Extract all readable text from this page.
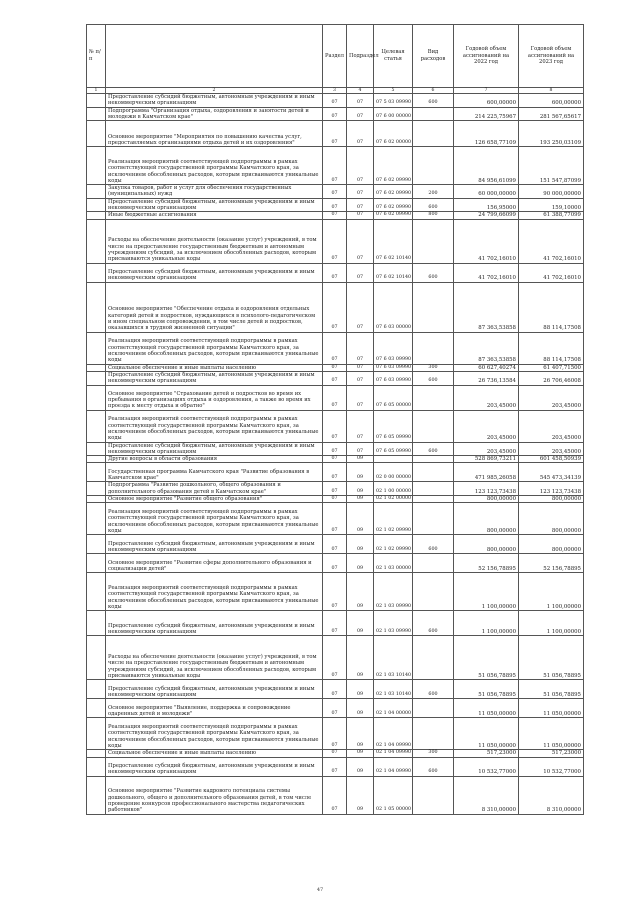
№ п/п		Раздел	Подраздел	Целевая статья	Вид расходов	Годовой объем ассигнований на 2022 год	Годовой объем ассигнований на 2023 год
1	2	3	4	5	6	7	8
	Предоставление субсидий бюджетным, автономным учреждениям и иным некоммерческим организациям	07	07	07 5 03 09990	600	600,00000	600,00000
	Подпрограмма "Организация отдыха, оздоровления и занятости детей и молодежи в Камчатском крае"	07	07	07 6 00 00000		214 225,75967	281 567,65617
	Основное мероприятие "Мероприятия по повышению качества услуг, предоставляемых организациями отдыха детей и их оздоровления"	07	07	07 6 02 00000		126 658,77109	193 250,03109
	Реализация мероприятий соответствующей подпрограммы в рамках соответствующей государственной программы Камчатского края, за исключением обособленных расходов, которым присваиваются уникальные коды	07	07	07 6 02 09990		84 956,61099	151 547,87099
	Закупка товаров, работ и услуг для обеспечения государственных (муниципальных) нужд	07	07	07 6 02 09990	200	60 000,00000	90 000,00000
	Предоставление субсидий бюджетным, автономным учреждениям и иным некоммерческим организациям	07	07	07 6 02 09990	600	156,95000	159,10000
	Иные бюджетные ассигнования	07	07	07 6 02 09990	800	24 799,66099	61 388,77099
	Расходы на обеспечение деятельности (оказание услуг) учреждений, в том числе на предоставление государственным бюджетным и автономным учреждениям субсидий, за исключением обособленных расходов, которым присваиваются уникальные коды	07	07	07 6 02 10140		41 702,16010	41 702,16010
	Предоставление субсидий бюджетным, автономным учреждениям и иным некоммерческим организациям	07	07	07 6 02 10140	600	41 702,16010	41 702,16010
	Основное мероприятие "Обеспечение отдыха и оздоровления отдельных категорий детей и подростков, нуждающихся в психолого-педагогическом и ином специальном сопровождении, в том числе детей и подростков, оказавшихся в трудной жизненной ситуации"	07	07	07 6 03 00000		87 363,53858	88 114,17508
	Реализация мероприятий соответствующей подпрограммы в рамках соответствующей государственной программы Камчатского края, за исключением обособленных расходов, которым присваиваются уникальные коды	07	07	07 6 03 09990		87 363,53858	88 114,17508
	Социальное обеспечение и иные выплаты населению	07	07	07 6 03 09990	300	60 627,40274	61 407,71500
	Предоставление субсидий бюджетным, автономным учреждениям и иным некоммерческим организациям	07	07	07 6 03 09990	600	26 736,13584	26 706,46008
	Основное мероприятие "Страхование детей и подростков во время их пребывания в организациях отдыха и оздоровления, а также во время их проезда к месту отдыха и обратно"	07	07	07 6 05 00000		203,45000	203,45000
	Реализация мероприятий соответствующей подпрограммы в рамках соответствующей государственной программы Камчатского края, за исключением обособленных расходов, которым присваиваются уникальные коды	07	07	07 6 05 09990		203,45000	203,45000
	Предоставление субсидий бюджетным, автономным учреждениям и иным некоммерческим организациям	07	07	07 6 05 09990	600	203,45000	203,45000
	Другие вопросы в области образования	07	09			528 869,73211	601 458,50939
	Государственная программа Камчатского края "Развитие образования в Камчатском крае"	07	09	02 0 00 00000		471 985,26058	545 473,34139
	Подпрограмма "Развитие дошкольного, общего образования и дополнительного образования детей в Камчатском крае"	07	09	02 1 00 00000		123 123,73438	123 123,73438
	Основное мероприятие "Развитие общего образования"	07	09	02 1 02 00000		800,00000	800,00000
	Реализация мероприятий соответствующей подпрограммы в рамках соответствующей государственной программы Камчатского края, за исключением обособленных расходов, которым присваиваются уникальные коды	07	09	02 1 02 09990		800,00000	800,00000
	Предоставление субсидий бюджетным, автономным учреждениям и иным некоммерческим организациям	07	09	02 1 02 09990	600	800,00000	800,00000
	Основное мероприятие "Развитие сферы дополнительного образования и социализации детей"	07	09	02 1 03 00000		52 156,78895	52 156,78895
	Реализация мероприятий соответствующей подпрограммы в рамках соответствующей государственной программы Камчатского края, за исключением обособленных расходов, которым присваиваются уникальные коды	07	09	02 1 03 09990		1 100,00000	1 100,00000
	Предоставление субсидий бюджетным, автономным учреждениям и иным некоммерческим организациям	07	09	02 1 03 09990	600	1 100,00000	1 100,00000
	Расходы на обеспечение деятельности (оказание услуг) учреждений, в том числе на предоставление государственным бюджетным и автономным учреждениям субсидий, за исключением обособленных расходов, которым присваиваются уникальные коды	07	09	02 1 03 10140		51 056,78895	51 056,78895
	Предоставление субсидий бюджетным, автономным учреждениям и иным некоммерческим организациям	07	09	02 1 03 10140	600	51 056,78895	51 056,78895
	Основное мероприятие "Выявление, поддержка и сопровождение одаренных детей и молодежи"	07	09	02 1 04 00000		11 050,00000	11 050,00000
	Реализация мероприятий соответствующей подпрограммы в рамках соответствующей государственной программы Камчатского края, за исключением обособленных расходов, которым присваиваются уникальные коды	07	09	02 1 04 09990		11 050,00000	11 050,00000
	Социальное обеспечение и иные выплаты населению	07	09	02 1 04 09990	300	517,23000	517,23000
	Предоставление субсидий бюджетным, автономным учреждениям и иным некоммерческим организациям	07	09	02 1 04 09990	600	10 532,77000	10 532,77000
	Основное мероприятие "Развитие кадрового потенциала системы дошкольного, общего и дополнительного образования детей, в том числе проведение конкурсов профессионального мастерства педагогических работников"	07	09	02 1 05 00000		8 310,00000	8 310,00000
47
